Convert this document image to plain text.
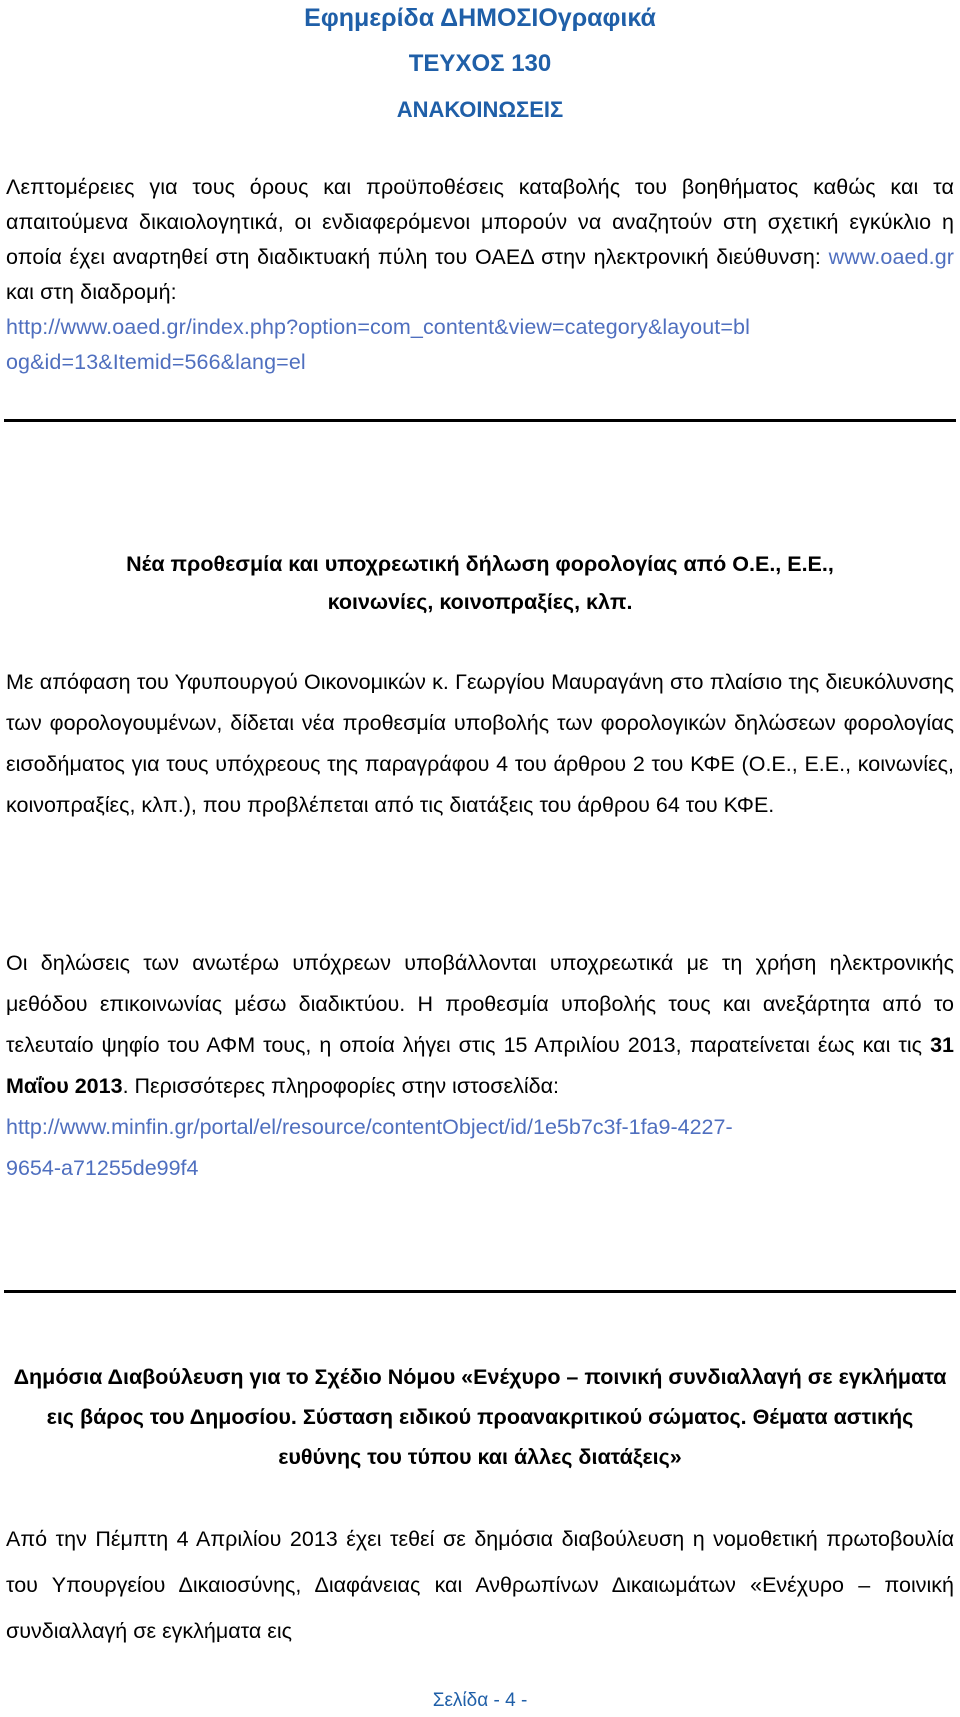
Εφημερίδα ΔΗΜΟΣΙΟγραφικά
ΤΕΥΧΟΣ 130
ΑΝΑΚΟΙΝΩΣΕΙΣ
Λεπτομέρειες για τους όρους και προϋποθέσεις καταβολής του βοηθήματος καθώς και τα απαιτούμενα δικαιολογητικά, οι ενδιαφερόμενοι μπορούν να αναζητούν στη σχετική εγκύκλιο η οποία έχει αναρτηθεί στη διαδικτυακή πύλη του ΟΑΕΔ στην ηλεκτρονική διεύθυνση: www.oaed.gr και στη διαδρομή:
http://www.oaed.gr/index.php?option=com_content&view=category&layout=bl
og&id=13&Itemid=566&lang=el
Νέα προθεσμία και υποχρεωτική δήλωση φορολογίας από Ο.Ε., Ε.Ε.,
κοινωνίες, κοινοπραξίες, κλπ.
Με απόφαση του Υφυπουργού Οικονομικών κ. Γεωργίου Μαυραγάνη στο πλαίσιο της διευκόλυνσης των φορολογουμένων, δίδεται νέα προθεσμία υποβολής των φορολογικών δηλώσεων φορολογίας εισοδήματος για τους υπόχρεους της παραγράφου 4 του άρθρου 2 του ΚΦΕ (Ο.Ε., Ε.Ε., κοινωνίες, κοινοπραξίες, κλπ.), που προβλέπεται από τις διατάξεις του άρθρου 64 του ΚΦΕ.
Οι δηλώσεις των ανωτέρω υπόχρεων υποβάλλονται υποχρεωτικά με τη χρήση ηλεκτρονικής μεθόδου επικοινωνίας μέσω διαδικτύου. Η προθεσμία υποβολής τους και ανεξάρτητα από το τελευταίο ψηφίο του ΑΦΜ τους, η οποία λήγει στις 15 Απριλίου 2013, παρατείνεται έως και τις 31 Μαΐου 2013. Περισσότερες πληροφορίες στην ιστοσελίδα:
http://www.minfin.gr/portal/el/resource/contentObject/id/1e5b7c3f-1fa9-4227-
9654-a71255de99f4
Δημόσια Διαβούλευση για το Σχέδιο Νόμου «Ενέχυρο – ποινική συνδιαλλαγή σε εγκλήματα εις βάρος του Δημοσίου. Σύσταση ειδικού προανακριτικού σώματος. Θέματα αστικής ευθύνης του τύπου και άλλες διατάξεις»
Από την Πέμπτη 4 Απριλίου 2013 έχει τεθεί σε δημόσια διαβούλευση η νομοθετική πρωτοβουλία του Υπουργείου Δικαιοσύνης, Διαφάνειας και Ανθρωπίνων Δικαιωμάτων «Ενέχυρο – ποινική συνδιαλλαγή σε εγκλήματα εις
Σελίδα - 4 -
